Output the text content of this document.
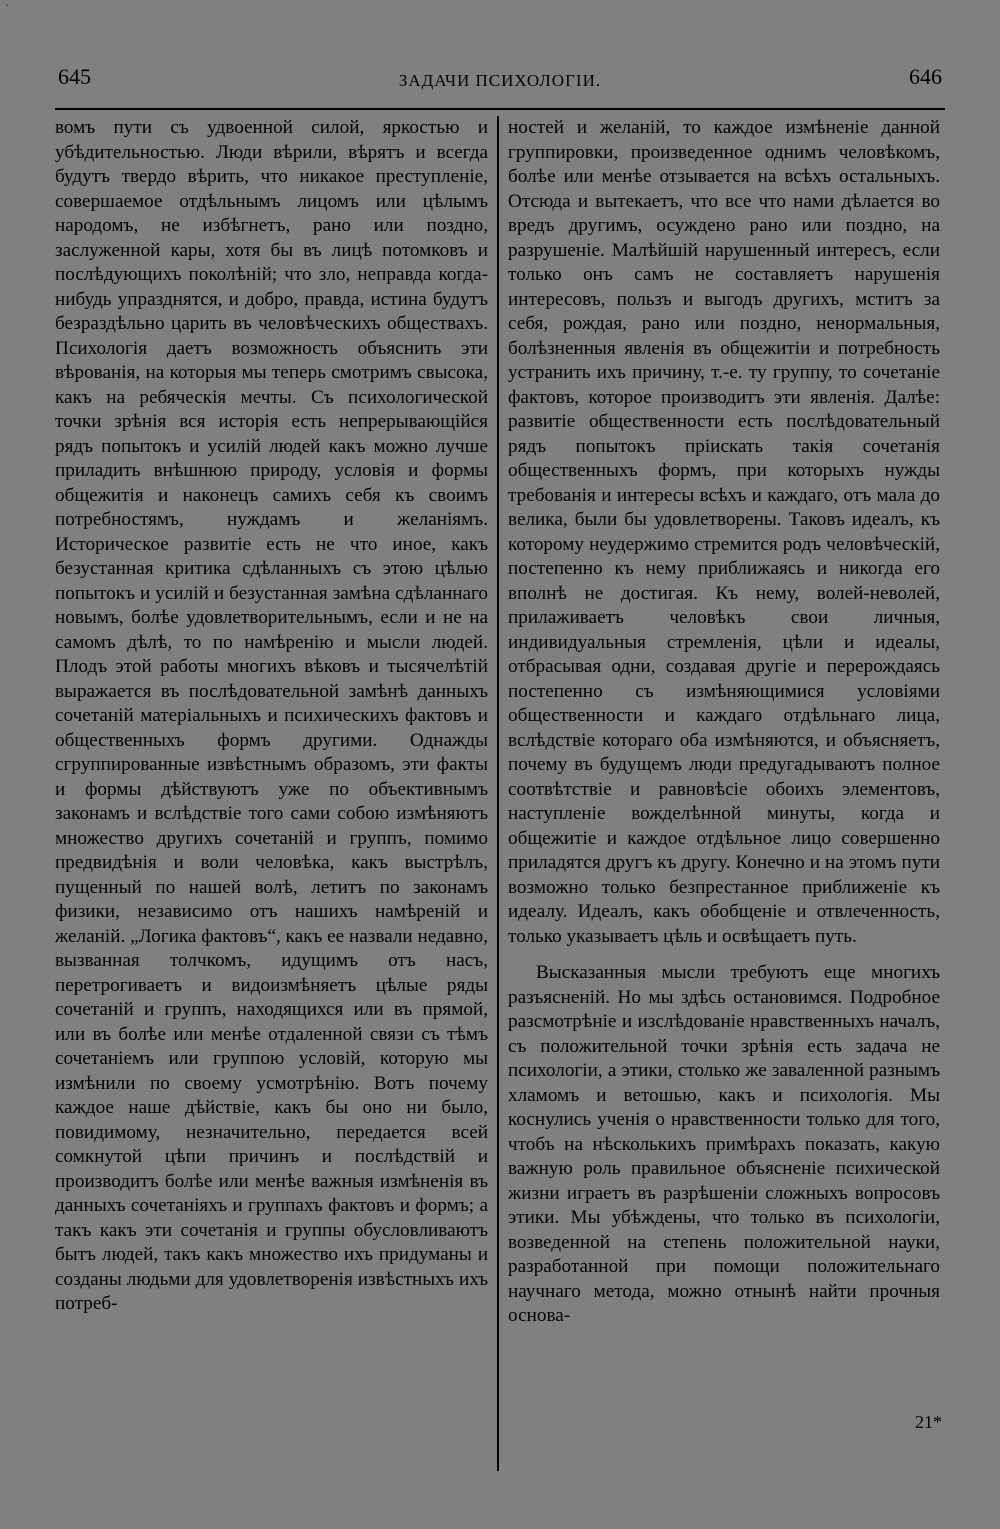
`
645	ЗАДАЧИ ПСИХОЛОГІИ.	646

вомъ пути съ удвоенной силой, яркостью и убѣдительностью. Люди вѣрили, вѣрятъ и всегда будутъ твердо вѣрить, что никакое преступленіе, совершаемое отдѣльнымъ лицомъ или цѣлымъ народомъ, не избѣгнетъ, рано или поздно, заслуженной кары, хотя бы въ лицѣ потомковъ и послѣдующихъ поколѣній; что зло, неправда когда-нибудь упразднятся, и добро, правда, истина будутъ безраздѣльно царить въ человѣческихъ обществахъ. Психологія даетъ возможность объяснить эти вѣрованія, на которыя мы теперь смотримъ свысока, какъ на ребяческія мечты. Съ психологической точки зрѣнія вся исторія есть непрерывающійся рядъ попытокъ и усилій людей какъ можно лучше приладить внѣшнюю природу, условія и формы общежитія и наконецъ самихъ себя къ своимъ потребностямъ, нуждамъ и желаніямъ. Историческое развитіе есть не что иное, какъ безустанная критика сдѣланныхъ съ этою цѣлью попытокъ и усилій и безустанная замѣна сдѣланнаго новымъ, болѣе удовлетворительнымъ, если и не на самомъ дѣлѣ, то по намѣренію и мысли людей. Плодъ этой работы многихъ вѣковъ и тысячелѣтій выражается въ послѣдовательной замѣнѣ данныхъ сочетаній матеріальныхъ и психическихъ фактовъ и общественныхъ формъ другими. Однажды сгруппированные извѣстнымъ образомъ, эти факты и формы дѣйствуютъ уже по объективнымъ законамъ и вслѣдствіе того сами собою измѣняютъ множество другихъ сочетаній и группъ, помимо предвидѣнія и воли человѣка, какъ выстрѣлъ, пущенный по нашей волѣ, летитъ по законамъ физики, независимо отъ нашихъ намѣреній и желаній. „Логика фактовъ“, какъ ее назвали недавно, вызванная толчкомъ, идущимъ отъ насъ, перетрогиваетъ и видоизмѣняетъ цѣлые ряды сочетаній и группъ, находящихся или въ прямой, или въ болѣе или менѣе отдаленной связи съ тѣмъ сочетаніемъ или группою условій, которую мы измѣнили по своему усмотрѣнію. Вотъ почему каждое наше дѣйствіе, какъ бы оно ни было, повидимому, незначительно, передается всей сомкнутой цѣпи причинъ и послѣдствій и производитъ болѣе или менѣе важныя измѣненія въ данныхъ сочетаніяхъ и группахъ фактовъ и формъ; а такъ какъ эти сочетанія и группы обусловливаютъ бытъ людей, такъ какъ множество ихъ придуманы и созданы людьми для удовлетворенія извѣстныхъ ихъ потреб-

ностей и желаній, то каждое измѣненіе данной группировки, произведенное однимъ человѣкомъ, болѣе или менѣе отзывается на всѣхъ остальныхъ. Отсюда и вытекаетъ, что все что нами дѣлается во вредъ другимъ, осуждено рано или поздно, на разрушеніе. Малѣйшій нарушенный интересъ, если только онъ самъ не составляетъ нарушенія интересовъ, пользъ и выгодъ другихъ, мститъ за себя, рождая, рано или поздно, ненормальныя, болѣзненныя явленія въ общежитіи и потребность устранить ихъ причину, т.-е. ту группу, то сочетаніе фактовъ, которое производитъ эти явленія. Далѣе: развитіе общественности есть послѣдовательный рядъ попытокъ пріискать такія сочетанія общественныхъ формъ, при которыхъ нужды требованія и интересы всѣхъ и каждаго, отъ мала до велика, были бы удовлетворены. Таковъ идеалъ, къ которому неудержимо стремится родъ человѣческій, постепенно къ нему приближаясь и никогда его вполнѣ не достигая. Къ нему, волей-неволей, прилаживаетъ человѣкъ свои личныя, индивидуальныя стремленія, цѣли и идеалы, отбрасывая одни, создавая другіе и перерождаясь постепенно съ измѣняющимися условіями общественности и каждаго отдѣльнаго лица, вслѣдствіе котораго оба измѣняются, и объясняетъ, почему въ будущемъ люди предугадываютъ полное соотвѣтствіе и равновѣсіе обоихъ элементовъ, наступленіе вожделѣнной минуты, когда и общежитіе и каждое отдѣльное лицо совершенно приладятся другъ къ другу. Конечно и на этомъ пути возможно только безпрестанное приближеніе къ идеалу. Идеалъ, какъ обобщеніе и отвлеченность, только указываетъ цѣль и освѣщаетъ путь.

Высказанныя мысли требуютъ еще многихъ разъясненій. Но мы здѣсь остановимся. Подробное разсмотрѣніе и изслѣдованіе нравственныхъ началъ, съ положительной точки зрѣнія есть задача не психологіи, а этики, столько же заваленной разнымъ хламомъ и ветошью, какъ и психологія. Мы коснулись ученія о нравственности только для того, чтобъ на нѣсколькихъ примѣрахъ показать, какую важную роль правильное объясненіе психической жизни играетъ въ разрѣшеніи сложныхъ вопросовъ этики. Мы убѣждены, что только въ психологіи, возведенной на степень положительной науки, разработанной при помощи положительнаго научнаго метода, можно отнынѣ найти прочныя основа-

21*
